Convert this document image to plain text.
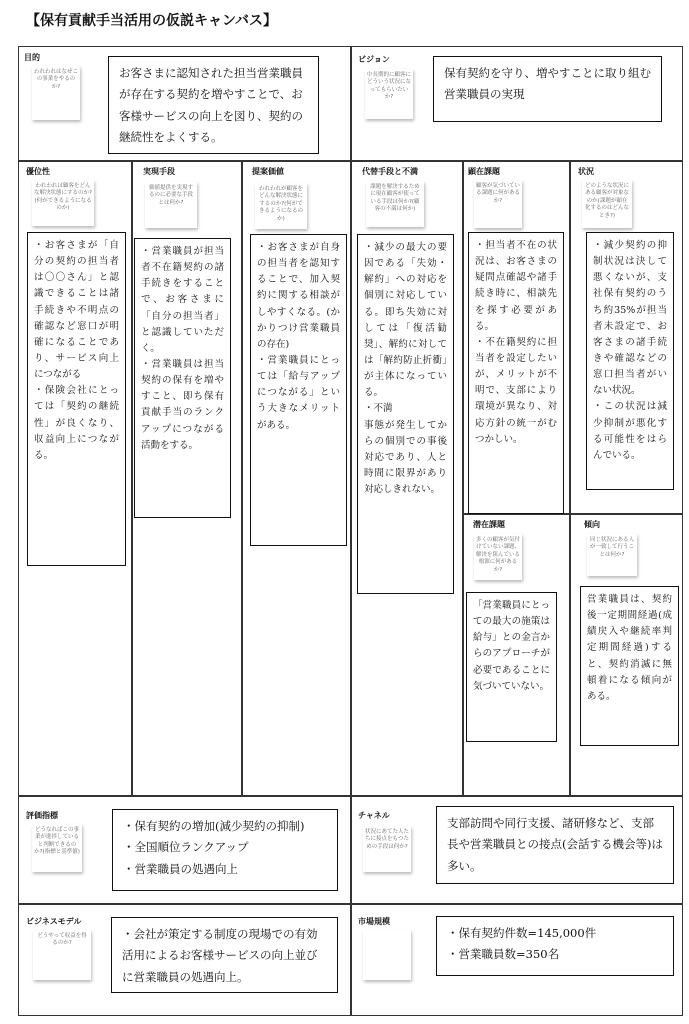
【保有貢献手当活用の仮説キャンバス】
目的
われわれはなぜこの事業をやるのか?
お客さまに認知された担当営業職員が存在する契約を増やすことで、お客様サービスの向上を図り、契約の継続性をよくする。
ビジョン
中長期的に顧客にどういう状況になってもらいたいか?
保有契約を守り、増やすことに取り組む営業職員の実現
優位性
われわれは顧客をどんな解決状態にするのか?(何ができるようになるのか)
・お客さまが「自分の契約の担当者は〇〇さん」と認識できることは諸手続きや不明点の確認など窓口が明確になることであり、サービス向上につながる
・保険会社にとっては「契約の継続性」が良くなり、収益向上につながる。
実現手段
価値提供を実現するのに必要な手段とは何か?
・営業職員が担当者不在籍契約の諸手続きをすることで、お客さまに「自分の担当者」と認識していただく。
・営業職員は担当契約の保有を増やすこと、即ち保有貢献手当のランクアップにつながる活動をする。
提案価値
われわれが顧客をどんな解決状態にするのか?(何ができるようになるのか)
・お客さまが自身の担当者を認知することで、加入契約に関する相談がしやすくなる。(かかりつけ営業職員の存在)
・営業職員にとっては「給与アップにつながる」という大きなメリットがある。
代替手段と不満
課題を解決するために現在顧客が使っている手段は何か?(顧客の不満は何か)
・減少の最大の要因である「失効・解約」への対応を個別に対応している。即ち失効に対しては「復活勧奨」、解約に対しては「解約防止折衝」が主体になっている。
・不満
事態が発生してからの個別での事後対応であり、人と時間に限界があり対応しきれない。
顕在課題
顧客が気づいている課題に何があるか?
・担当者不在の状況は、お客さまの疑問点確認や諸手続き時に、相談先を探す必要がある。
・不在籍契約に担当者を設定したいが、メリットが不明で、支部により環境が異なり、対応方針の統一がむつかしい。
状況
どのような状況にある顧客が対象なのか(課題が顕在化するのはどんなとき?)
・減少契約の抑制状況は決して悪くないが、支社保有契約のうち約35%が担当者未設定で、お客さまの諸手続きや確認などの窓口担当者がいない状況。
・この状況は減少抑制が悪化する可能性をはらんでいる。
潜在課題
多くの顧客が気付けていない課題、解決を阻んでいる根源に何があるか?
「営業職員にとっての最大の施策は給与」との金言からのアプローチが必要であることに気づいていない。
傾向
同じ状況にある人が一致して行うことは何か?
営業職員は、契約後一定期間経過(成績戻入や継続率判定期間経過)すると、契約消滅に無頓着になる傾向がある。
評価指標
どうなればこの事業が進捗していると判断できるのか?(指標と基準値)
・保有契約の増加(減少契約の抑制)
・全国順位ランクアップ
・営業職員の処遇向上
チャネル
状況にあてた人たちに接点をもつための手段は何か?
支部訪問や同行支援、諸研修など、支部長や営業職員との接点(会話する機会等)は多い。
ビジネスモデル
どうやって収益を得るのか?
・会社が策定する制度の現場での有効活用によるお客様サービスの向上並びに営業職員の処遇向上。
市場規模
・保有契約件数=145,000件
・営業職員数=350名
